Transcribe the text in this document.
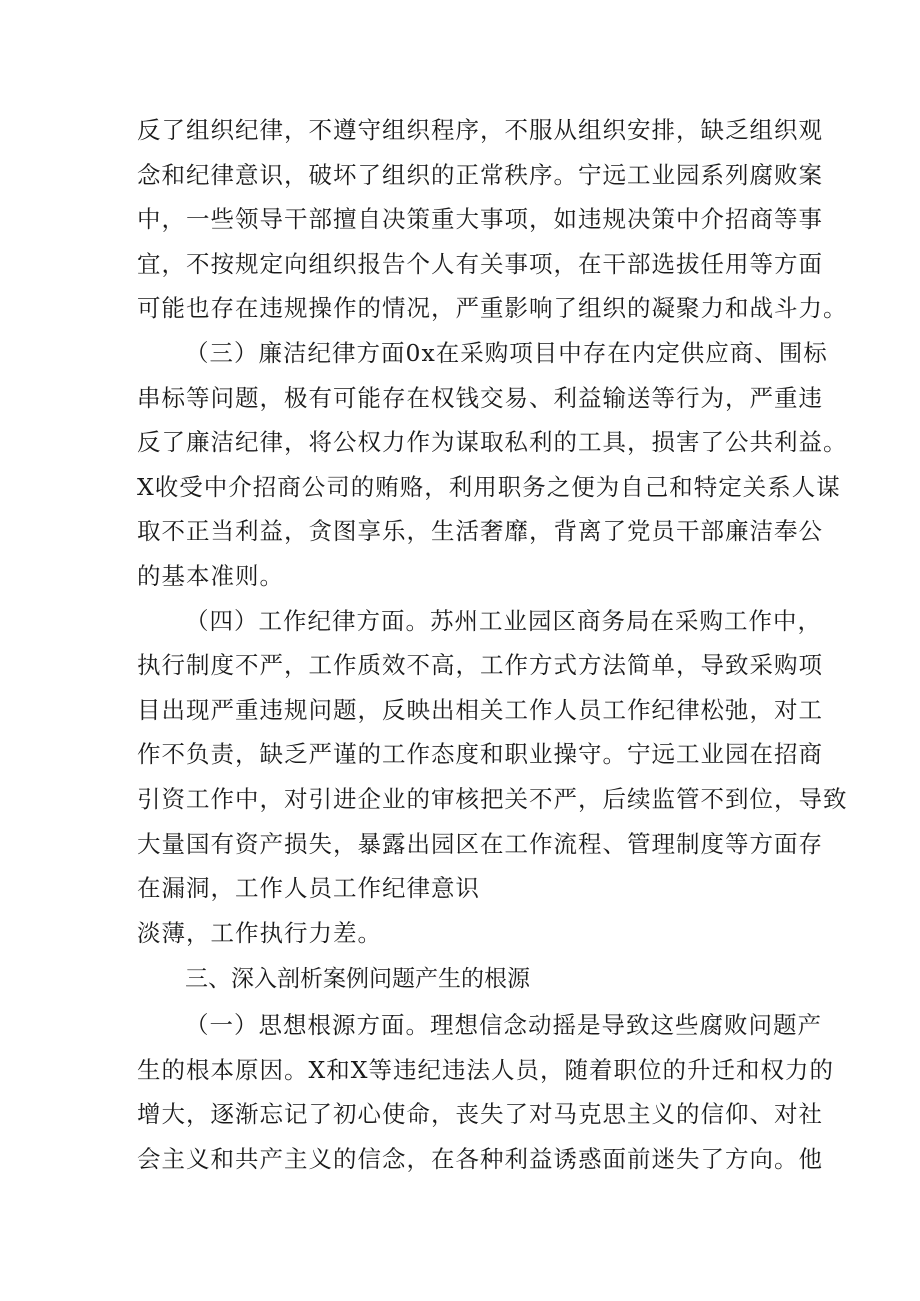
反了组织纪律，不遵守组织程序，不服从组织安排，缺乏组织观
念和纪律意识，破坏了组织的正常秩序。宁远工业园系列腐败案
中，一些领导干部擅自决策重大事项，如违规决策中介招商等事
宜，不按规定向组织报告个人有关事项，在干部选拔任用等方面
可能也存在违规操作的情况，严重影响了组织的凝聚力和战斗力。
（三）廉洁纪律方面0x在采购项目中存在内定供应商、围标
串标等问题，极有可能存在权钱交易、利益输送等行为，严重违
反了廉洁纪律，将公权力作为谋取私利的工具，损害了公共利益。
X收受中介招商公司的贿赂，利用职务之便为自己和特定关系人谋
取不正当利益，贪图享乐，生活奢靡，背离了党员干部廉洁奉公
的基本准则。
（四）工作纪律方面。苏州工业园区商务局在采购工作中，
执行制度不严，工作质效不高，工作方式方法简单，导致采购项
目出现严重违规问题，反映出相关工作人员工作纪律松弛，对工
作不负责，缺乏严谨的工作态度和职业操守。宁远工业园在招商
引资工作中，对引进企业的审核把关不严，后续监管不到位，导致
大量国有资产损失，暴露出园区在工作流程、管理制度等方面存
在漏洞，工作人员工作纪律意识
淡薄，工作执行力差。
三、深入剖析案例问题产生的根源
（一）思想根源方面。理想信念动摇是导致这些腐败问题产
生的根本原因。X和X等违纪违法人员，随着职位的升迁和权力的
增大，逐渐忘记了初心使命，丧失了对马克思主义的信仰、对社
会主义和共产主义的信念，在各种利益诱惑面前迷失了方向。他
